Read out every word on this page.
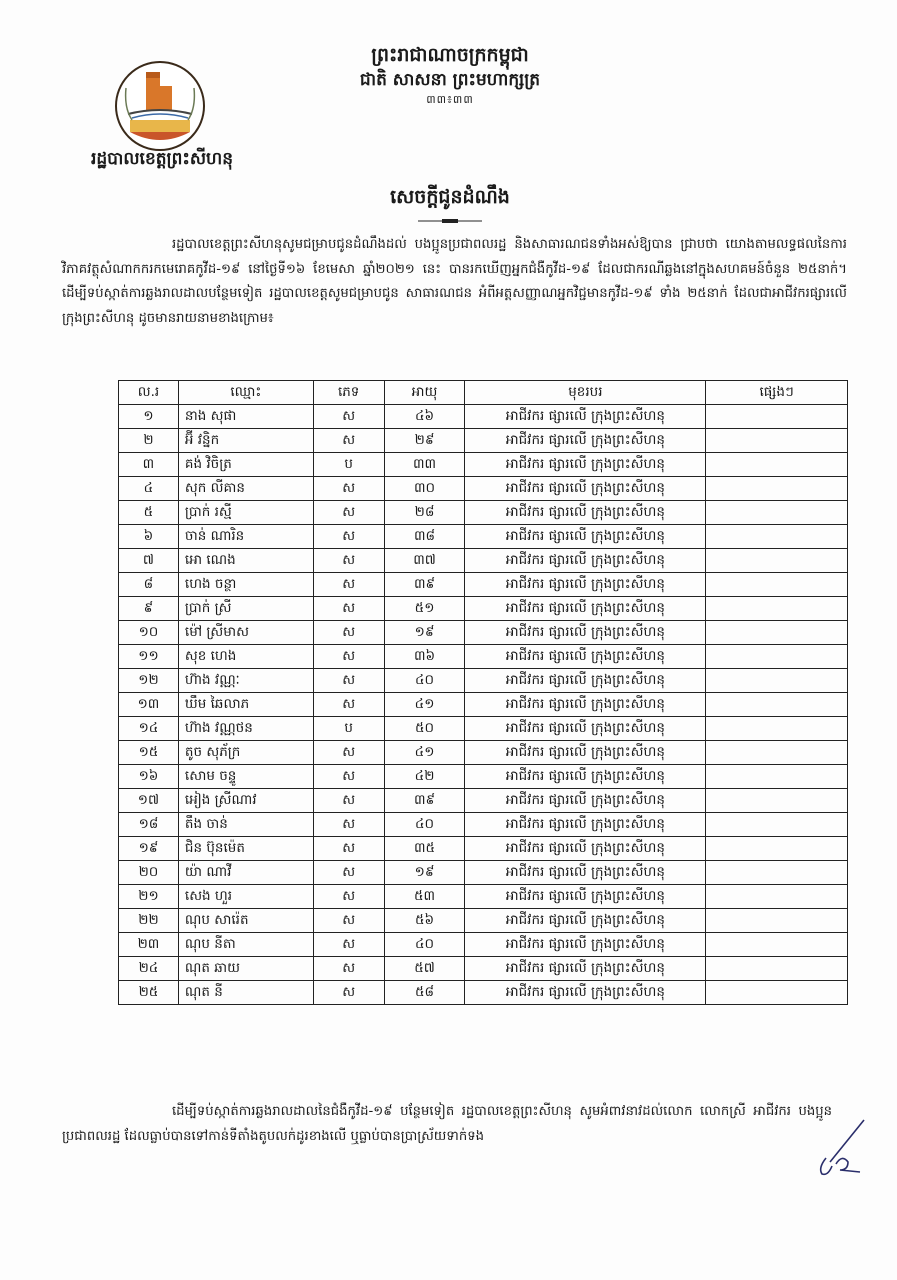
រដ្ឋបាលខេត្តព្រះសីហនុ
ព្រះរាជាណាចក្រកម្ពុជា
ជាតិ សាសនា ព្រះមហាក្សត្រ
៣៣៖៣៣
សេចក្តីជូនដំណឹង
រដ្ឋបាលខេត្តព្រះសីហនុសូមជម្រាបជូនដំណឹងដល់ បងប្អូនប្រជាពលរដ្ឋ និងសាធារណជនទាំងអស់ឱ្យបាន ជ្រាបថា យោងតាមលទ្ធផលនៃការវិភាគវត្ថុសំណាកករកមេរោគកូវីដ-១៩ នៅថ្ងៃទី១៦ ខែមេសា ឆ្នាំ២០២១ នេះ បានរកឃើញអ្នកជំងឺកូវីដ-១៩ ដែលជាករណីឆ្លងនៅក្នុងសហគមន៍ចំនួន ២៥នាក់។ ដើម្បីទប់ស្កាត់ការឆ្លងរាលដាលបន្ថែមទៀត រដ្ឋបាលខេត្តសូមជម្រាបជូន សាធារណជន អំពីអត្តសញ្ញាណអ្នកវិជ្ជមានកូវីដ-១៩ ទាំង ២៥នាក់ ដែលជាអាជីវករផ្សារលើ ក្រុងព្រះសីហនុ ដូចមានរាយនាមខាងក្រោម៖
ល.រ	ឈ្មោះ	ភេទ	អាយុ	មុខរបរ	ផ្សេងៗ
១	នាង សុផា	ស	៤៦	អាជីវករ ផ្សារលើ ក្រុងព្រះសីហនុ	
២	អ៊ី វន្និក	ស	២៩	អាជីវករ ផ្សារលើ ក្រុងព្រះសីហនុ	
៣	គង់ វិចិត្រ	ប	៣៣	អាជីវករ ផ្សារលើ ក្រុងព្រះសីហនុ	
៤	សុក លីគាន	ស	៣០	អាជីវករ ផ្សារលើ ក្រុងព្រះសីហនុ	
៥	ប្រាក់ រស្មី	ស	២៨	អាជីវករ ផ្សារលើ ក្រុងព្រះសីហនុ	
៦	ចាន់ ណារិន	ស	៣៨	អាជីវករ ផ្សារលើ ក្រុងព្រះសីហនុ	
៧	អោ ណេង	ស	៣៧	អាជីវករ ផ្សារលើ ក្រុងព្រះសីហនុ	
៨	ហេង ចន្ថា	ស	៣៩	អាជីវករ ផ្សារលើ ក្រុងព្រះសីហនុ	
៩	ប្រាក់ ស្រី	ស	៥១	អាជីវករ ផ្សារលើ ក្រុងព្រះសីហនុ	
១០	ម៉ៅ ស្រីមាស	ស	១៩	អាជីវករ ផ្សារលើ ក្រុងព្រះសីហនុ	
១១	សុខ ហេង	ស	៣៦	អាជីវករ ផ្សារលើ ក្រុងព្រះសីហនុ	
១២	ហ៊ាង វណ្ណៈ	ស	៤០	អាជីវករ ផ្សារលើ ក្រុងព្រះសីហនុ	
១៣	ឃឹម ឆៃលាភ	ស	៤១	អាជីវករ ផ្សារលើ ក្រុងព្រះសីហនុ	
១៤	ហ៊ាង វណ្ណថន	ប	៥០	អាជីវករ ផ្សារលើ ក្រុងព្រះសីហនុ	
១៥	តូច សុភ័ក្រ	ស	៤១	អាជីវករ ផ្សារលើ ក្រុងព្រះសីហនុ	
១៦	សោម ចន្ទូ	ស	៤២	អាជីវករ ផ្សារលើ ក្រុងព្រះសីហនុ	
១៧	អៀង ស្រីណាវ	ស	៣៩	អាជីវករ ផ្សារលើ ក្រុងព្រះសីហនុ	
១៨	តឹង ចាន់	ស	៤០	អាជីវករ ផ្សារលើ ក្រុងព្រះសីហនុ	
១៩	ជិន ប៊ុនម៉េត	ស	៣៥	អាជីវករ ផ្សារលើ ក្រុងព្រះសីហនុ	
២០	យ៉ា ណាវី	ស	១៩	អាជីវករ ផ្សារលើ ក្រុងព្រះសីហនុ	
២១	សេង ហួរ	ស	៥៣	អាជីវករ ផ្សារលើ ក្រុងព្រះសីហនុ	
២២	ណុប សារ៉េត	ស	៥៦	អាជីវករ ផ្សារលើ ក្រុងព្រះសីហនុ	
២៣	ណុប នីតា	ស	៤០	អាជីវករ ផ្សារលើ ក្រុងព្រះសីហនុ	
២៤	ណុត ឆាយ	ស	៥៧	អាជីវករ ផ្សារលើ ក្រុងព្រះសីហនុ	
២៥	ណុត នី	ស	៥៨	អាជីវករ ផ្សារលើ ក្រុងព្រះសីហនុ	
ដើម្បីទប់ស្កាត់ការឆ្លងរាលដាលនៃជំងឺកូវីដ-១៩ បន្ថែមទៀត រដ្ឋបាលខេត្តព្រះសីហនុ សូមអំពាវនាវដល់លោក លោកស្រី អាជីវករ បងប្អូនប្រជាពលរដ្ឋ ដែលធ្លាប់បានទៅកាន់ទីតាំងតូបលក់ដូរខាងលើ ឬធ្លាប់បានប្រាស្រ័យទាក់ទង
